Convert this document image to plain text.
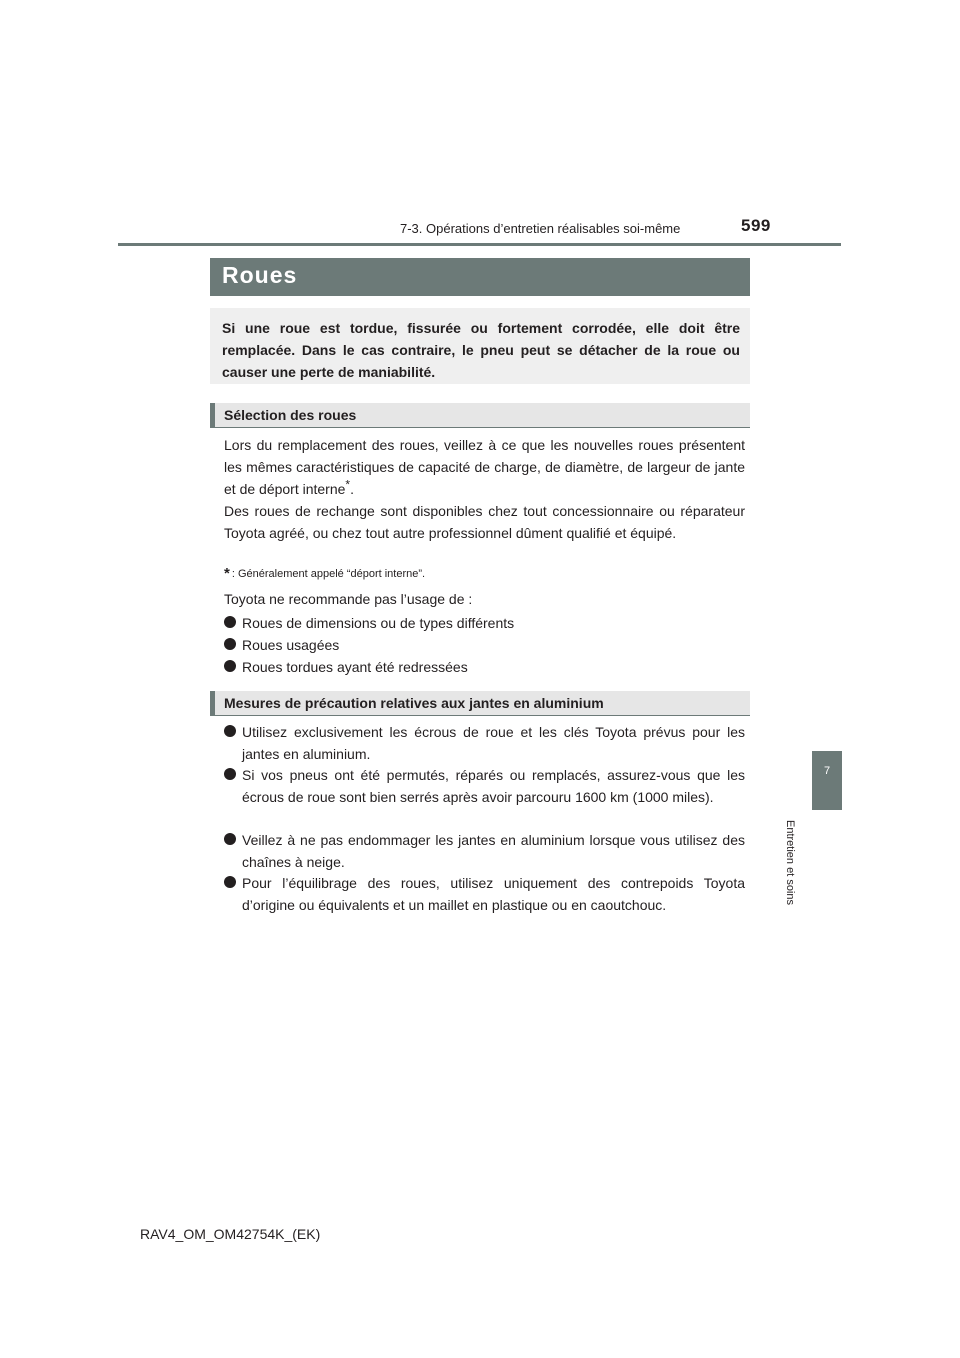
7-3. Opérations d’entretien réalisables soi-même	599
7
Entretien et soins
Roues

Si une roue est tordue, fissurée ou fortement corrodée, elle doit être remplacée. Dans le cas contraire, le pneu peut se détacher de la roue ou causer une perte de maniabilité.

Sélection des roues

Lors du remplacement des roues, veillez à ce que les nouvelles roues présentent les mêmes caractéristiques de capacité de charge, de diamètre, de largeur de jante et de déport interne*.

Des roues de rechange sont disponibles chez tout concessionnaire ou réparateur Toyota agréé, ou chez tout autre professionnel dûment qualifié et équipé.

* : Généralement appelé “déport interne”.
Toyota ne recommande pas l’usage de :
Roues de dimensions ou de types différents
Roues usagées
Roues tordues ayant été redressées
Mesures de précaution relatives aux jantes en aluminium
Utilisez exclusivement les écrous de roue et les clés Toyota prévus pour les jantes en aluminium.
Si vos pneus ont été permutés, réparés ou remplacés, assurez-vous que les écrous de roue sont bien serrés après avoir parcouru 1600 km (1000 miles).
Veillez à ne pas endommager les jantes en aluminium lorsque vous utilisez des chaînes à neige.
Pour l’équilibrage des roues, utilisez uniquement des contrepoids Toyota d’origine ou équivalents et un maillet en plastique ou en caoutchouc.
RAV4_OM_OM42754K_(EK)
